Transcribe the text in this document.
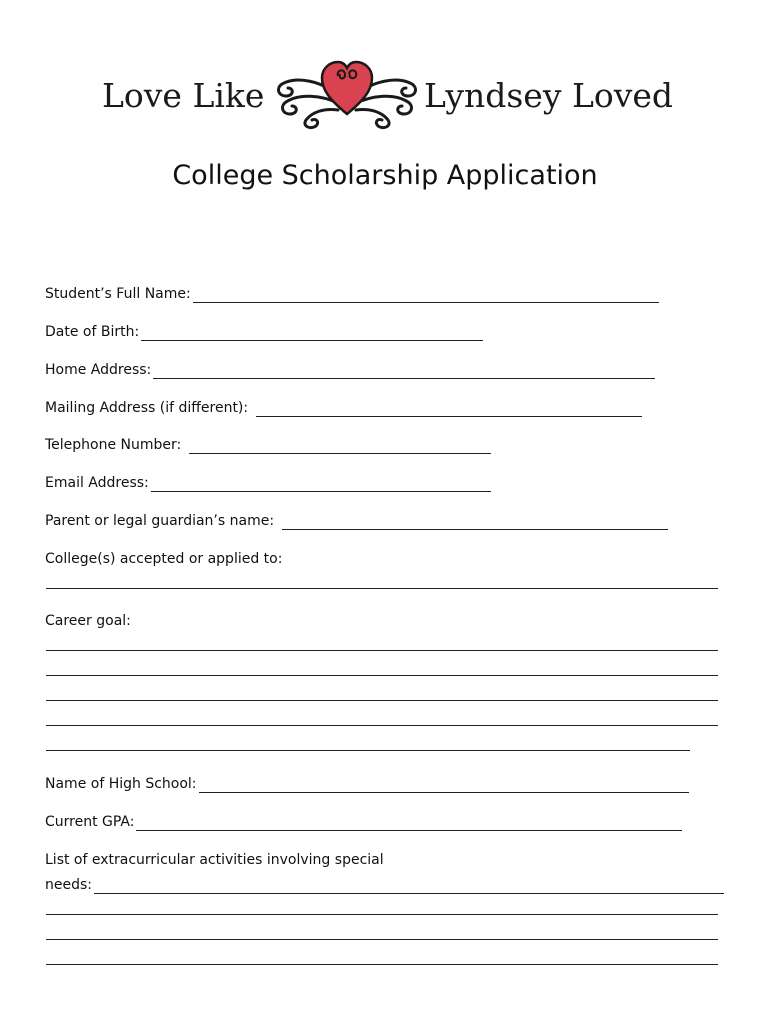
Love Like	Lyndsey Loved
College Scholarship Application
Student’s Full Name:
Date of Birth:
Home Address:
Mailing Address (if different):
Telephone Number:
Email Address:
Parent or legal guardian’s name:
College(s) accepted or applied to:
Career goal:
Name of High School:
Current GPA:
List of extracurricular activities involving special
needs:
